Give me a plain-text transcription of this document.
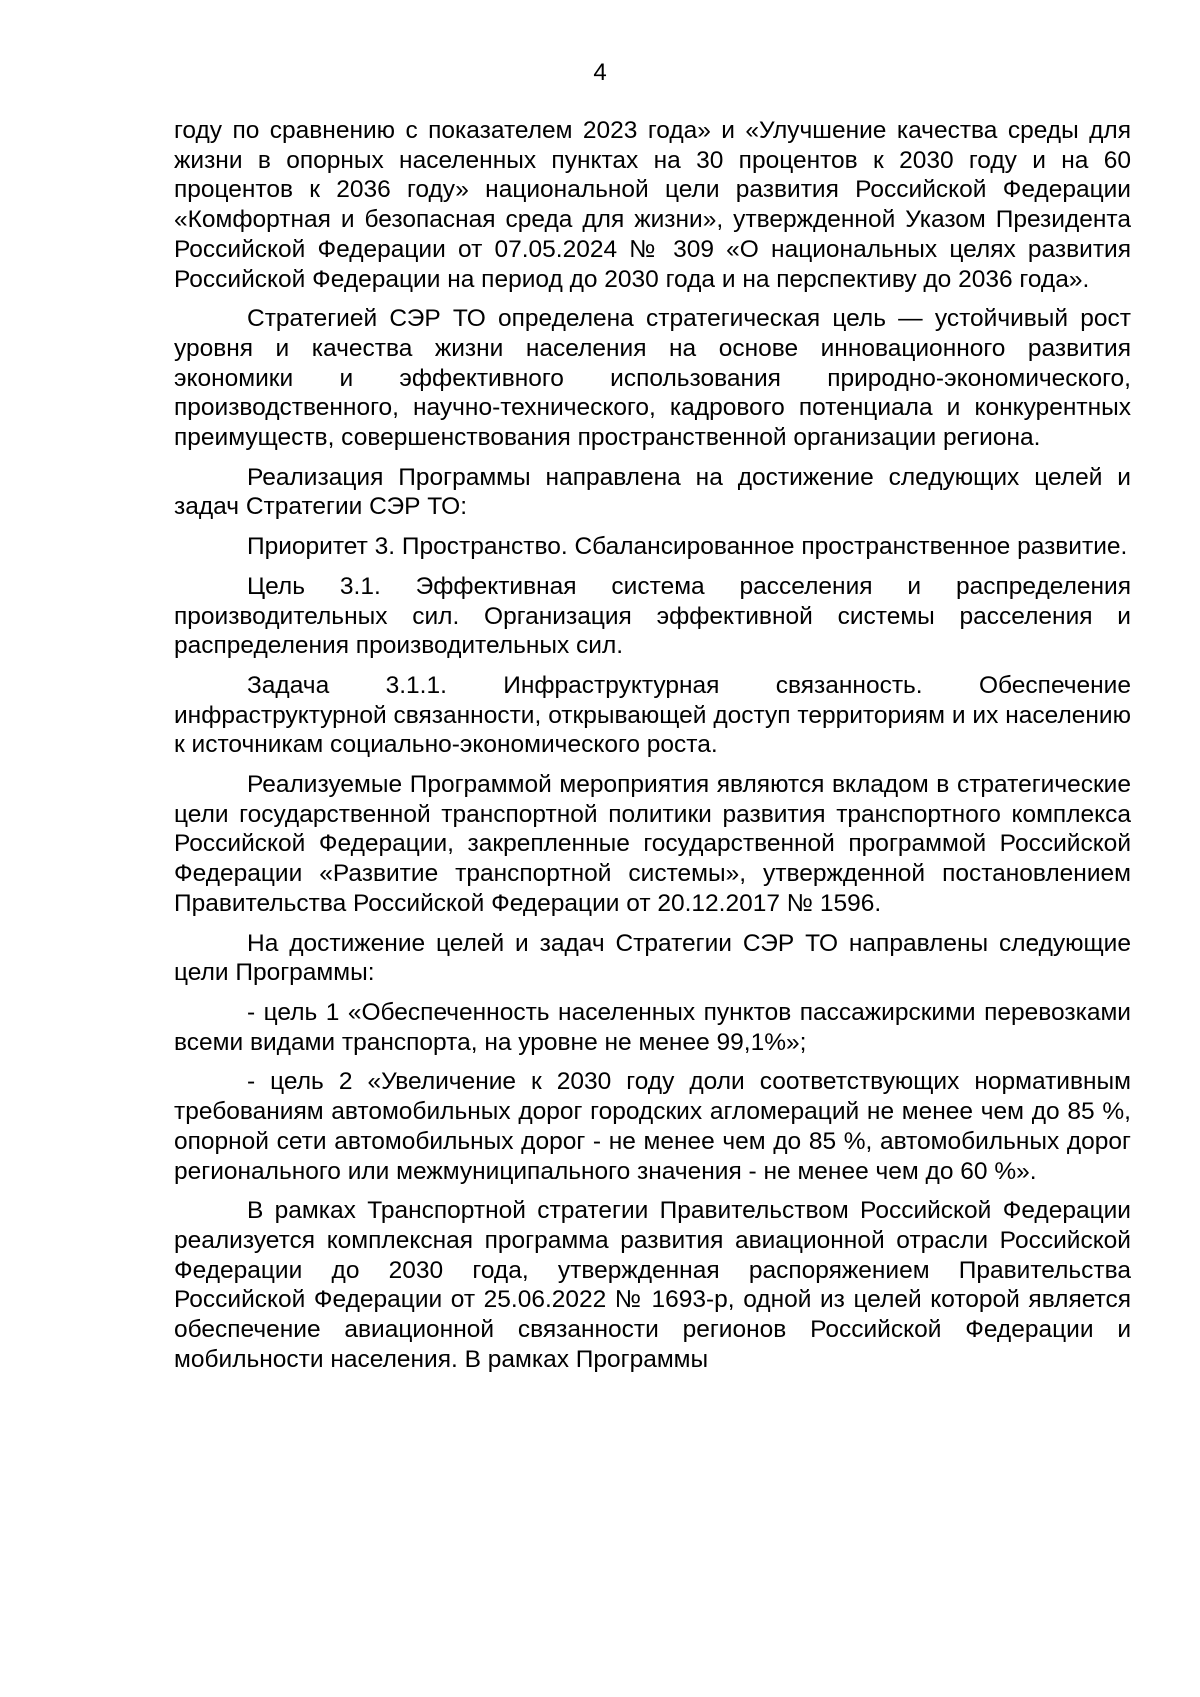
4

году по сравнению с показателем 2023 года» и «Улучшение качества среды для жизни в опорных населенных пунктах на 30 процентов к 2030 году и на 60 процентов к 2036 году» национальной цели развития Российской Федерации «Комфортная и безопасная среда для жизни», утвержденной Указом Президента Российской Федерации от 07.05.2024 № 309 «О национальных целях развития Российской Федерации на период до 2030 года и на перспективу до 2036 года».

Стратегией СЭР ТО определена стратегическая цель — устойчивый рост уровня и качества жизни населения на основе инновационного развития экономики и эффективного использования природно-экономического, производственного, научно-технического, кадрового потенциала и конкурентных преимуществ, совершенствования пространственной организации региона.

Реализация Программы направлена на достижение следующих целей и задач Стратегии СЭР ТО:

Приоритет 3. Пространство. Сбалансированное пространственное развитие.

Цель 3.1. Эффективная система расселения и распределения производительных сил. Организация эффективной системы расселения и распределения производительных сил.

Задача 3.1.1. Инфраструктурная связанность. Обеспечение инфраструктурной связанности, открывающей доступ территориям и их населению к источникам социально-экономического роста.

Реализуемые Программой мероприятия являются вкладом в стратегические цели государственной транспортной политики развития транспортного комплекса Российской Федерации, закрепленные государственной программой Российской Федерации «Развитие транспортной системы», утвержденной постановлением Правительства Российской Федерации от 20.12.2017 № 1596.

На достижение целей и задач Стратегии СЭР ТО направлены следующие цели Программы:

- цель 1 «Обеспеченность населенных пунктов пассажирскими перевозками всеми видами транспорта, на уровне не менее 99,1%»;

- цель 2 «Увеличение к 2030 году доли соответствующих нормативным требованиям автомобильных дорог городских агломераций не менее чем до 85 %, опорной сети автомобильных дорог - не менее чем до 85 %, автомобильных дорог регионального или межмуниципального значения - не менее чем до 60 %».

В рамках Транспортной стратегии Правительством Российской Федерации реализуется комплексная программа развития авиационной отрасли Российской Федерации до 2030 года, утвержденная распоряжением Правительства Российской Федерации от 25.06.2022 № 1693-р, одной из целей которой является обеспечение авиационной связанности регионов Российской Федерации и мобильности населения. В рамках Программы
